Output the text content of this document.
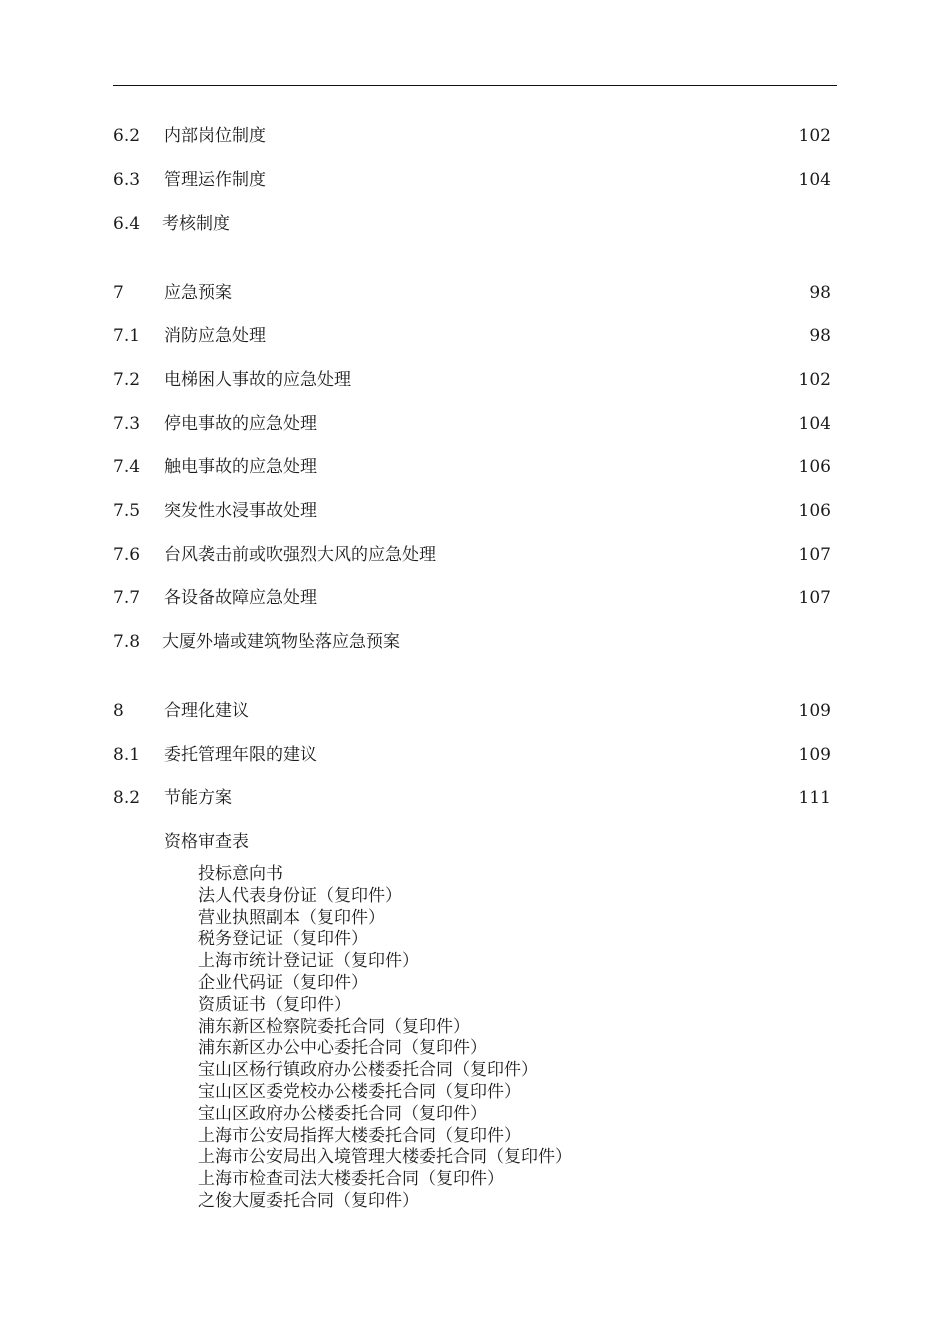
6.2 内部岗位制度	102
6.3 管理运作制度	104
6.4 考核制度
7 应急预案	98
7.1 消防应急处理	98
7.2 电梯困人事故的应急处理	102
7.3 停电事故的应急处理	104
7.4 触电事故的应急处理	106
7.5 突发性水浸事故处理	106
7.6 台风袭击前或吹强烈大风的应急处理	107
7.7 各设备故障应急处理	107
7.8 大厦外墙或建筑物坠落应急预案
8 合理化建议	109
8.1 委托管理年限的建议	109
8.2 节能方案	111
资格审查表
投标意向书
法人代表身份证（复印件）
营业执照副本（复印件）
税务登记证（复印件）
上海市统计登记证（复印件）
企业代码证（复印件）
资质证书（复印件）
浦东新区检察院委托合同（复印件）
浦东新区办公中心委托合同（复印件）
宝山区杨行镇政府办公楼委托合同（复印件）
宝山区区委党校办公楼委托合同（复印件）
宝山区政府办公楼委托合同（复印件）
上海市公安局指挥大楼委托合同（复印件）
上海市公安局出入境管理大楼委托合同（复印件）
上海市检查司法大楼委托合同（复印件）
之俊大厦委托合同（复印件）
